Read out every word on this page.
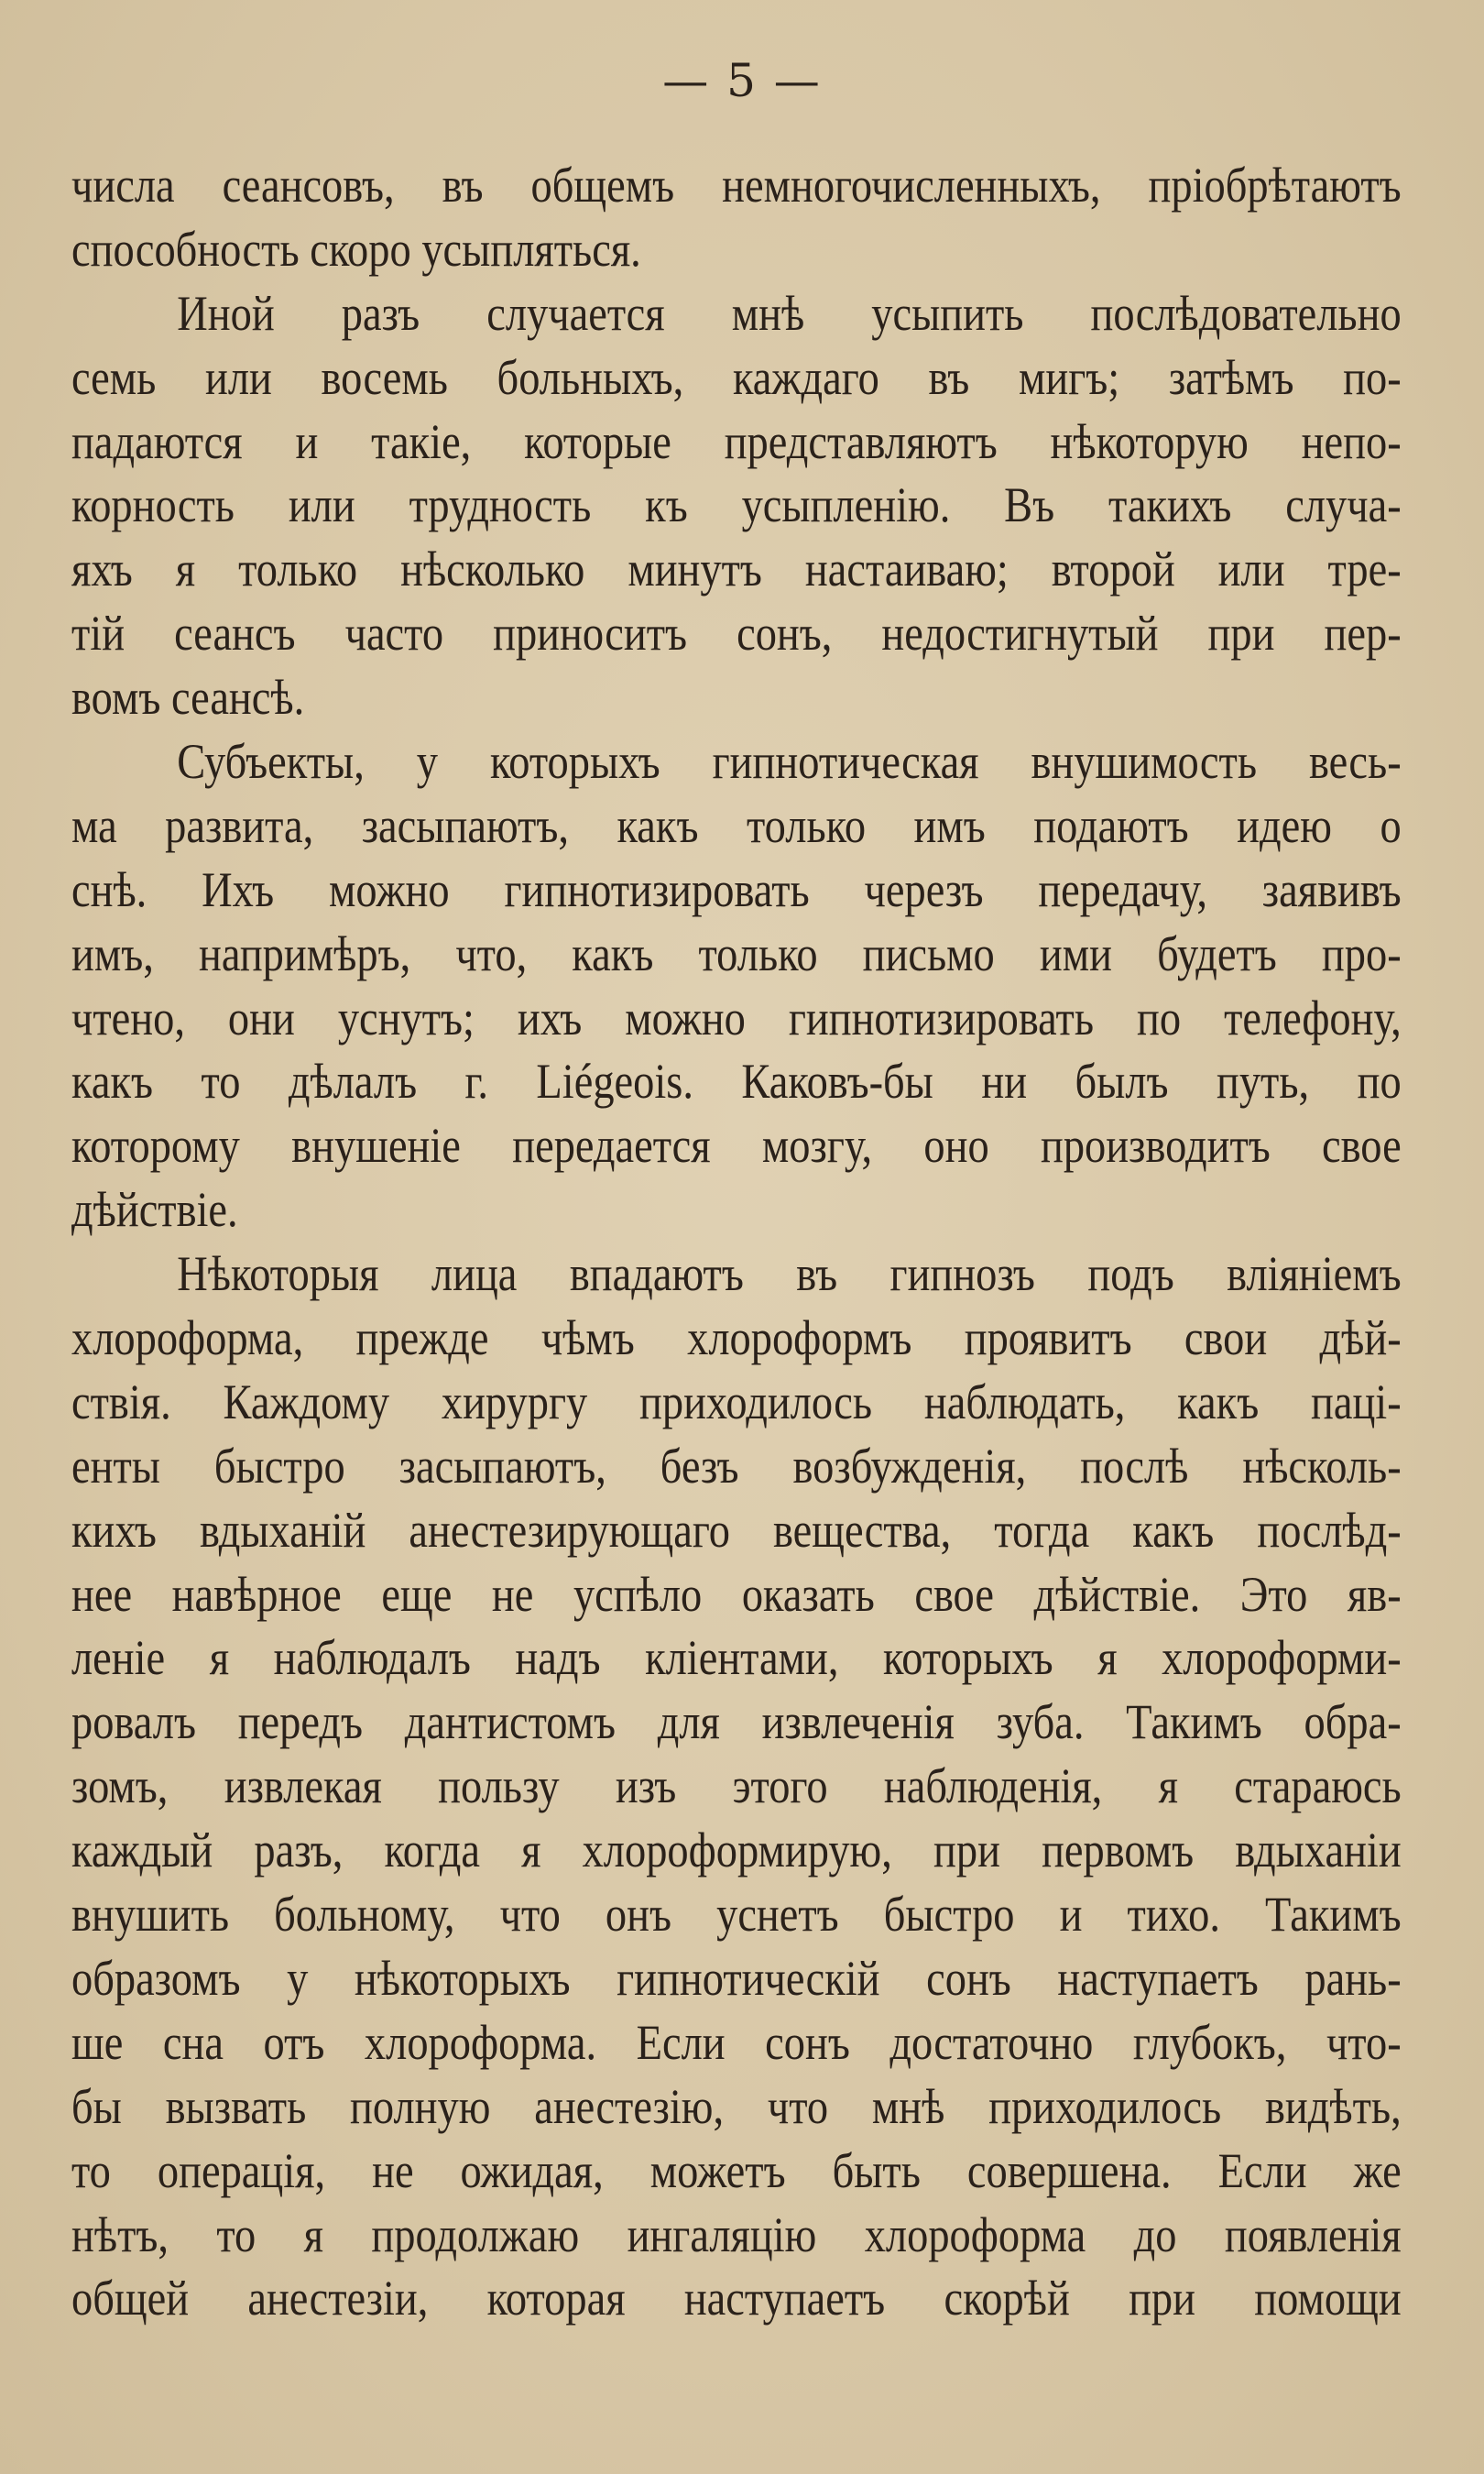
— 5 —
числа сеансовъ, въ общемъ немногочисленныхъ, пріобрѣтаютъ
способность скоро усыпляться.
Иной разъ случается мнѣ усыпить послѣдовательно
семь или восемь больныхъ, каждаго въ мигъ; затѣмъ по-
падаются и такіе, которые представляютъ нѣкоторую непо-
корность или трудность къ усыпленію. Въ такихъ случа-
яхъ я только нѣсколько минутъ настаиваю; второй или тре-
тій сеансъ часто приноситъ сонъ, недостигнутый при пер-
вомъ сеансѣ.
Субъекты, у которыхъ гипнотическая внушимость весь-
ма развита, засыпаютъ, какъ только имъ подаютъ идею о
снѣ. Ихъ можно гипнотизировать черезъ передачу, заявивъ
имъ, напримѣръ, что, какъ только письмо ими будетъ про-
чтено, они уснутъ; ихъ можно гипнотизировать по телефону,
какъ то дѣлалъ г. Liégeois. Каковъ-бы ни былъ путь, по
которому внушеніе передается мозгу, оно производитъ свое
дѣйствіе.
Нѣкоторыя лица впадаютъ въ гипнозъ подъ вліяніемъ
хлороформа, прежде чѣмъ хлороформъ проявитъ свои дѣй-
ствія. Каждому хирургу приходилось наблюдать, какъ паці-
енты быстро засыпаютъ, безъ возбужденія, послѣ нѣсколь-
кихъ вдыханій анестезирующаго вещества, тогда какъ послѣд-
нее навѣрное еще не успѣло оказать свое дѣйствіе. Это яв-
леніе я наблюдалъ надъ кліентами, которыхъ я хлороформи-
ровалъ передъ дантистомъ для извлеченія зуба. Такимъ обра-
зомъ, извлекая пользу изъ этого наблюденія, я стараюсь
каждый разъ, когда я хлороформирую, при первомъ вдыханіи
внушить больному, что онъ уснетъ быстро и тихо. Такимъ
образомъ у нѣкоторыхъ гипнотическій сонъ наступаетъ рань-
ше сна отъ хлороформа. Если сонъ достаточно глубокъ, что-
бы вызвать полную анестезію, что мнѣ приходилось видѣть,
то операція, не ожидая, можетъ быть совершена. Если же
нѣтъ, то я продолжаю ингаляцію хлороформа до появленія
общей анестезіи, которая наступаетъ скорѣй при помощи
